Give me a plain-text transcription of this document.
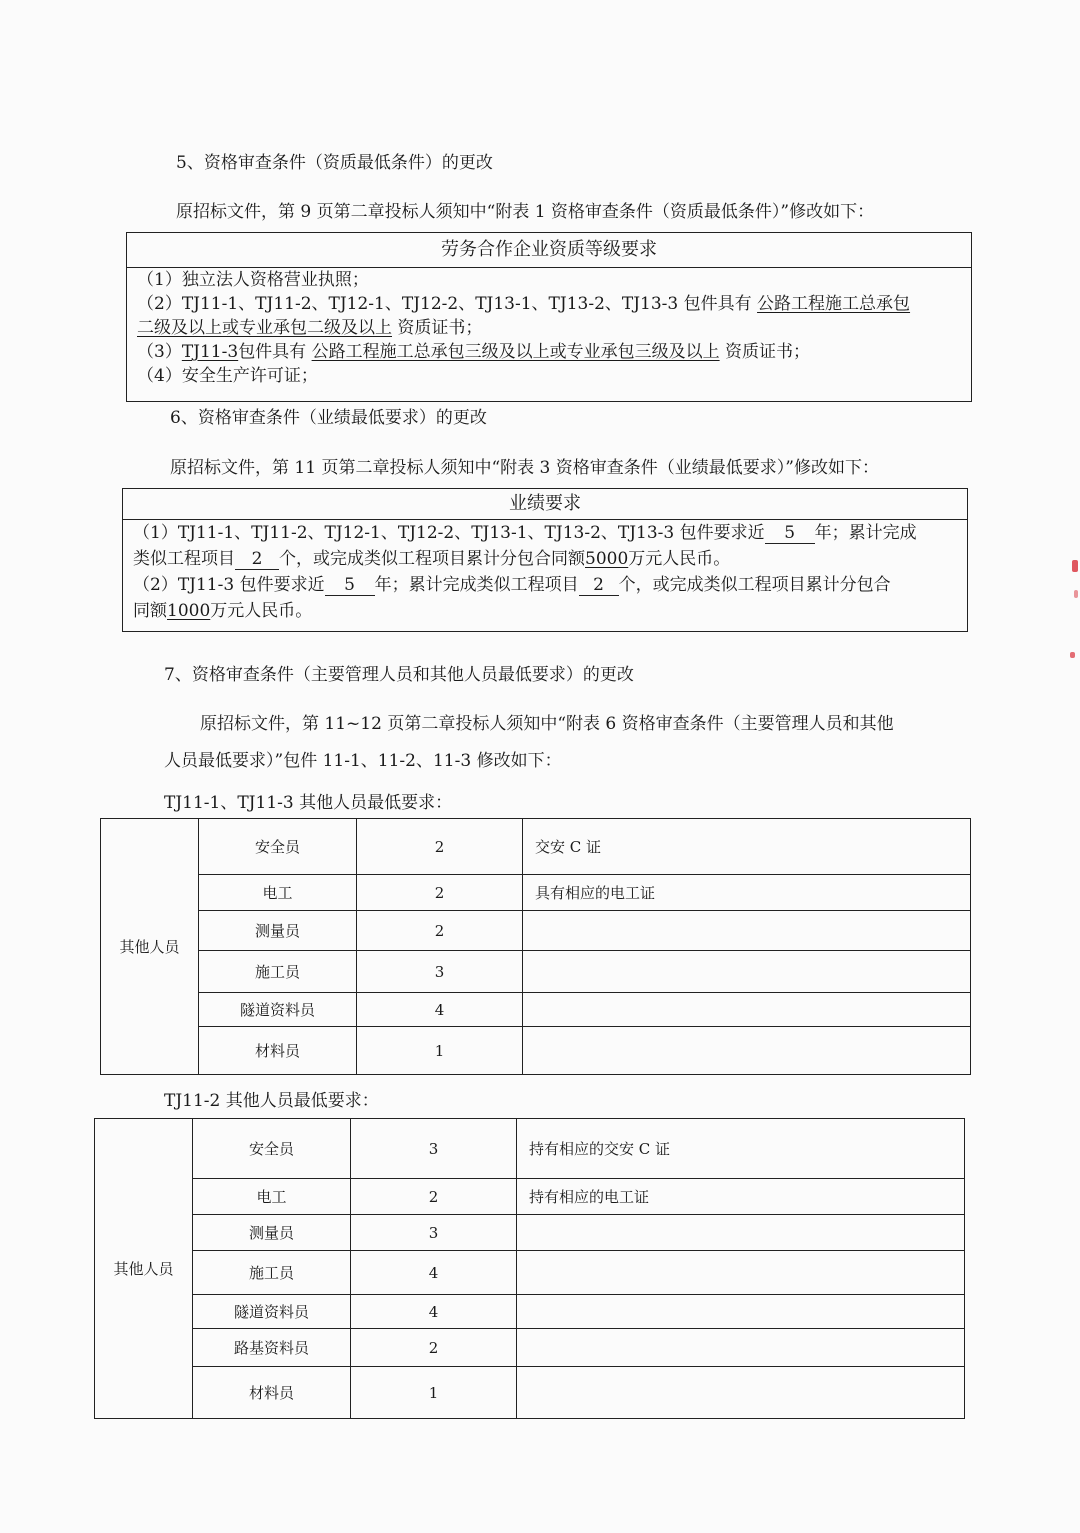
5、资格审查条件（资质最低条件）的更改
原招标文件，第 9 页第二章投标人须知中“附表 1 资格审查条件（资质最低条件）”修改如下：
劳务合作企业资质等级要求
（1）独立法人资格营业执照；
（2）TJ11-1、TJ11-2、TJ12-1、TJ12-2、TJ13-1、TJ13-2、TJ13-3 包件具有 公路工程施工总承包
二级及以上或专业承包二级及以上 资质证书；
（3）TJ11-3包件具有 公路工程施工总承包三级及以上或专业承包三级及以上 资质证书；
（4）安全生产许可证；
6、资格审查条件（业绩最低要求）的更改
原招标文件，第 11 页第二章投标人须知中“附表 3 资格审查条件（业绩最低要求）”修改如下：
业绩要求
（1）TJ11-1、TJ11-2、TJ12-1、TJ12-2、TJ13-1、TJ13-2、TJ13-3 包件要求近 5 年；累计完成
类似工程项目 2 个，或完成类似工程项目累计分包合同额5000万元人民币。
（2）TJ11-3 包件要求近 5 年；累计完成类似工程项目 2 个，或完成类似工程项目累计分包合
同额1000万元人民币。
7、资格审查条件（主要管理人员和其他人员最低要求）的更改
原招标文件，第 11~12 页第二章投标人须知中“附表 6 资格审查条件（主要管理人员和其他
人员最低要求）”包件 11-1、11-2、11-3 修改如下：
TJ11-1、TJ11-3 其他人员最低要求：
其他人员	安全员	2	交安 C 证
	电工	2	具有相应的电工证
	测量员	2	
	施工员	3	
	隧道资料员	4	
	材料员	1	
TJ11-2 其他人员最低要求：
其他人员	安全员	3	持有相应的交安 C 证
	电工	2	持有相应的电工证
	测量员	3	
	施工员	4	
	隧道资料员	4	
	路基资料员	2	
	材料员	1	
